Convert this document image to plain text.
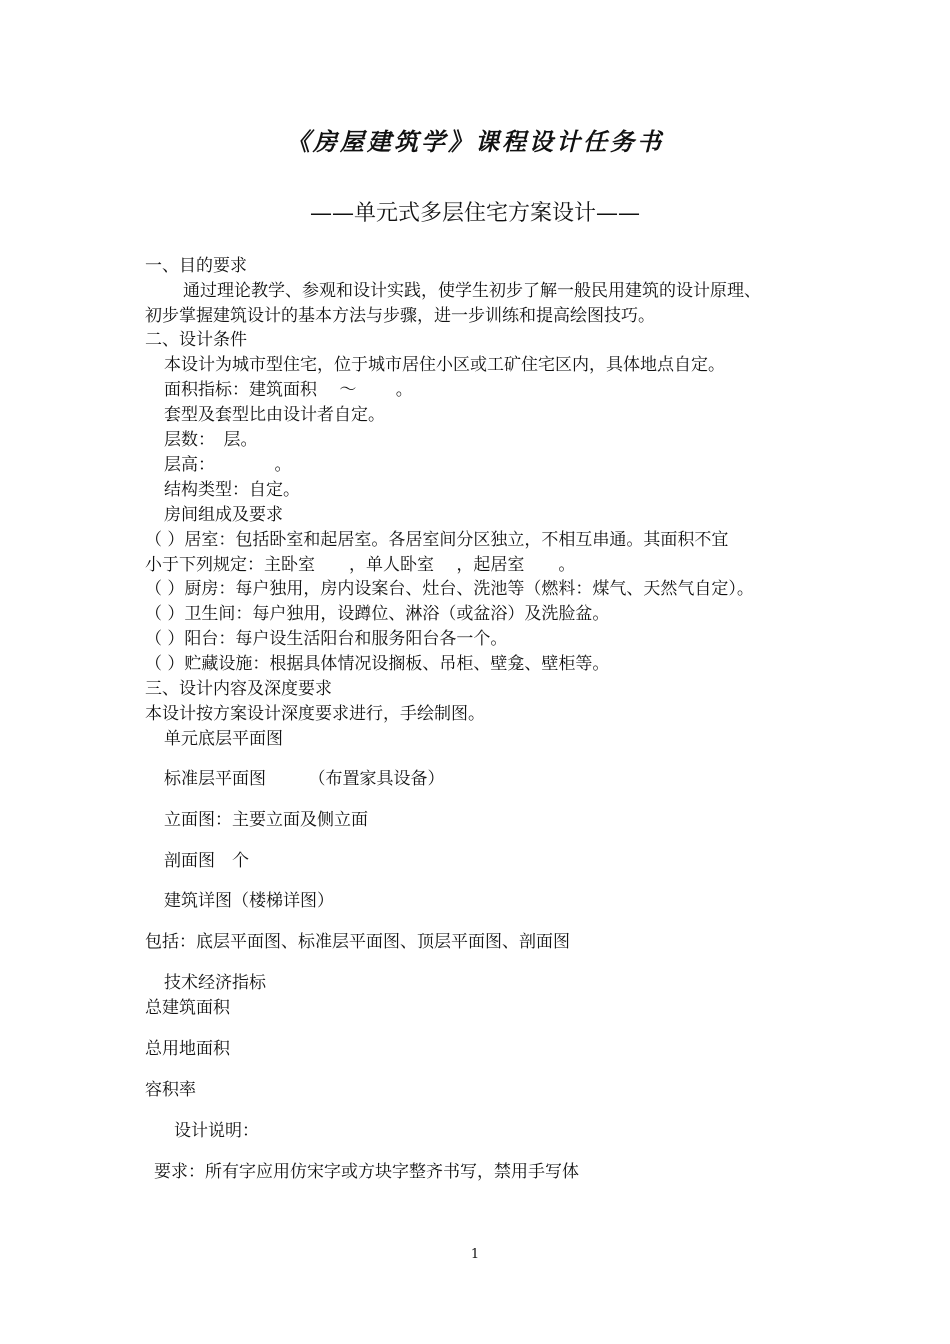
《房屋建筑学》课程设计任务书
——单元式多层住宅方案设计——
一、目的要求
通过理论教学、参观和设计实践，使学生初步了解一般民用建筑的设计原理、
初步掌握建筑设计的基本方法与步骤，进一步训练和提高绘图技巧。
二、设计条件
本设计为城市型住宅，位于城市居住小区或工矿住宅区内，具体地点自定。
面积指标：建筑面积　 ～　　 。
套型及套型比由设计者自定。
层数：　层。
层高：　　　　。
结构类型：自定。
房间组成及要求
（ ）居室：包括卧室和起居室。各居室间分区独立，不相互串通。其面积不宜
小于下列规定：主卧室　　，单人卧室　 ，起居室　　。
（ ）厨房：每户独用，房内设案台、灶台、洗池等（燃料：煤气、天然气自定）。
（ ）卫生间：每户独用，设蹲位、淋浴（或盆浴）及洗脸盆。
（ ）阳台：每户设生活阳台和服务阳台各一个。
（ ）贮藏设施：根据具体情况设搁板、吊柜、壁龛、壁柜等。
三、设计内容及深度要求
本设计按方案设计深度要求进行，手绘制图。
单元底层平面图
标准层平面图　　　（布置家具设备）
立面图：主要立面及侧立面
剖面图　个
建筑详图（楼梯详图）
包括：底层平面图、标准层平面图、顶层平面图、剖面图
技术经济指标
总建筑面积
总用地面积
容积率
设计说明：
要求：所有字应用仿宋字或方块字整齐书写，禁用手写体
1
